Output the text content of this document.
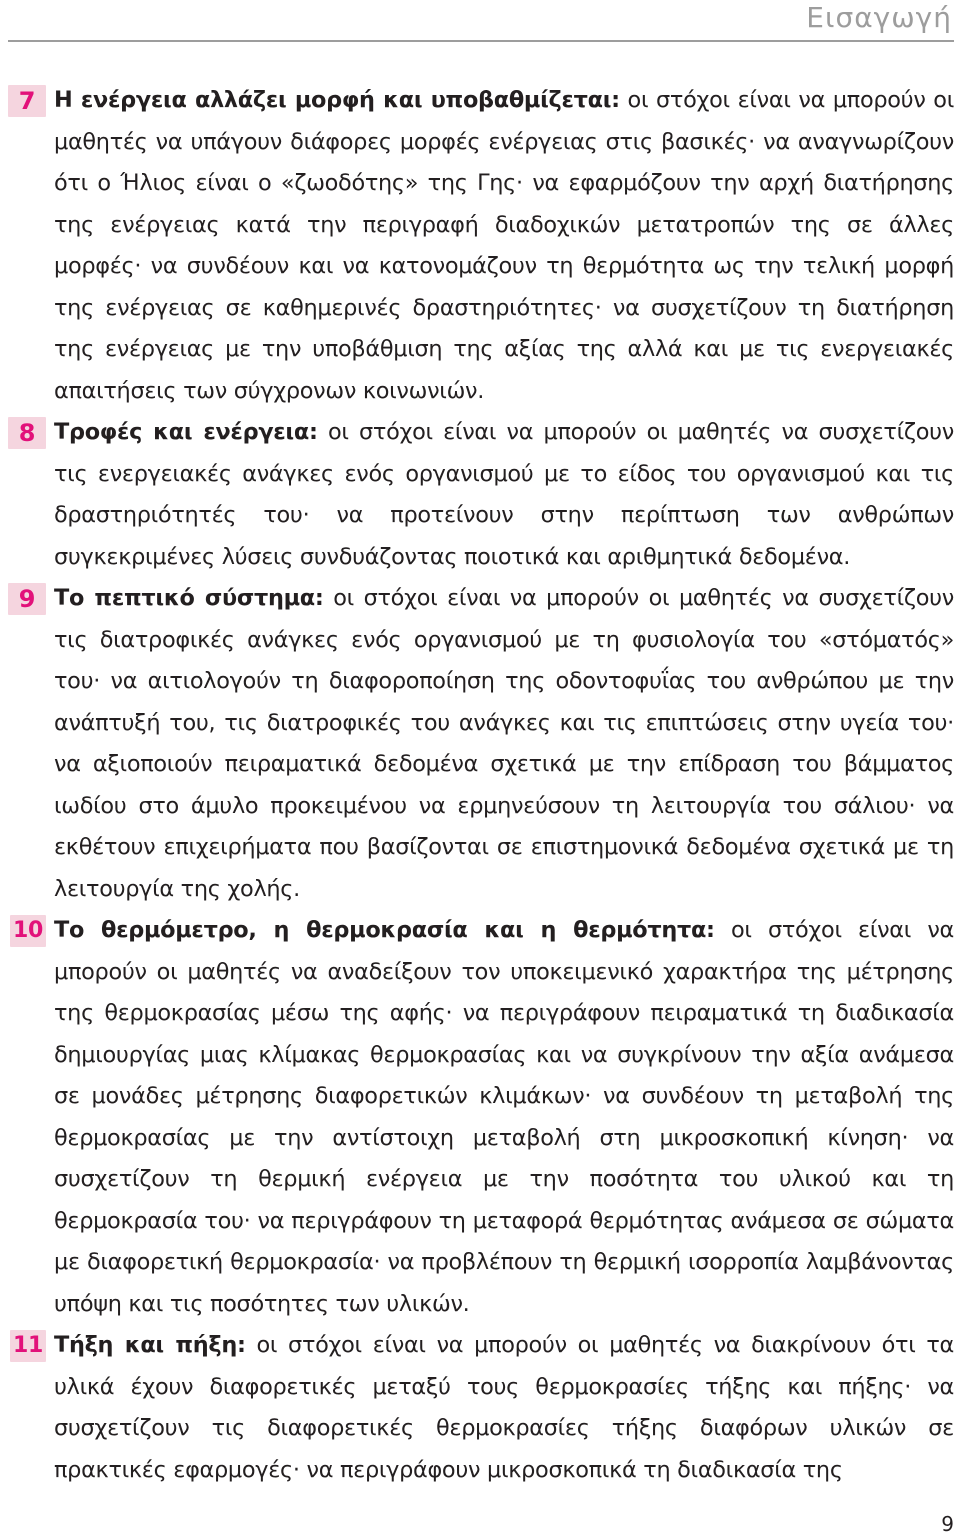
Εισαγωγή
7 Η ενέργεια αλλάζει μορφή και υποβαθμίζεται: οι στόχοι είναι να μπορούν οι μαθητές να υπάγουν διάφορες μορφές ενέργειας στις βασικές· να αναγνωρίζουν ότι ο Ήλιος είναι ο «ζωοδότης» της Γης· να εφαρμόζουν την αρχή διατήρησης της ενέργειας κατά την περιγραφή διαδοχικών μετατροπών της σε άλλες μορφές· να συνδέουν και να κατονομάζουν τη θερμότητα ως την τελική μορφή της ενέργειας σε καθημερινές δραστηριότητες· να συσχετίζουν τη διατήρηση της ενέργειας με την υποβάθμιση της αξίας της αλλά και με τις ενεργειακές απαιτήσεις των σύγχρονων κοινωνιών.
8 Τροφές και ενέργεια: οι στόχοι είναι να μπορούν οι μαθητές να συσχετίζουν τις ενεργειακές ανάγκες ενός οργανισμού με το είδος του οργανισμού και τις δραστηριότητές του· να προτείνουν στην περίπτωση των ανθρώπων συγκεκριμένες λύσεις συνδυάζοντας ποιοτικά και αριθμητικά δεδομένα.
9 Το πεπτικό σύστημα: οι στόχοι είναι να μπορούν οι μαθητές να συσχετίζουν τις διατροφικές ανάγκες ενός οργανισμού με τη φυσιολογία του «στόματός» του· να αιτιολογούν τη διαφοροποίηση της οδοντοφυΐας του ανθρώπου με την ανάπτυξή του, τις διατροφικές του ανάγκες και τις επιπτώσεις στην υγεία του· να αξιοποιούν πειραματικά δεδομένα σχετικά με την επίδραση του βάμματος ιωδίου στο άμυλο προκειμένου να ερμηνεύσουν τη λειτουργία του σάλιου· να εκθέτουν επιχειρήματα που βασίζονται σε επιστημονικά δεδομένα σχετικά με τη λειτουργία της χολής.
10 Το θερμόμετρο, η θερμοκρασία και η θερμότητα: οι στόχοι είναι να μπορούν οι μαθητές να αναδείξουν τον υποκειμενικό χαρακτήρα της μέτρησης της θερμοκρασίας μέσω της αφής· να περιγράφουν πειραματικά τη διαδικασία δημιουργίας μιας κλίμακας θερμοκρασίας και να συγκρίνουν την αξία ανάμεσα σε μονάδες μέτρησης διαφορετικών κλιμάκων· να συνδέουν τη μεταβολή της θερμοκρασίας με την αντίστοιχη μεταβολή στη μικροσκοπική κίνηση· να συσχετίζουν τη θερμική ενέργεια με την ποσότητα του υλικού και τη θερμοκρασία του· να περιγράφουν τη μεταφορά θερμότητας ανάμεσα σε σώματα με διαφορετική θερμοκρασία· να προβλέπουν τη θερμική ισορροπία λαμβάνοντας υπόψη και τις ποσότητες των υλικών.
11 Τήξη και πήξη: οι στόχοι είναι να μπορούν οι μαθητές να διακρίνουν ότι τα υλικά έχουν διαφορετικές μεταξύ τους θερμοκρασίες τήξης και πήξης· να συσχετίζουν τις διαφορετικές θερμοκρασίες τήξης διαφόρων υλικών σε πρακτικές εφαρμογές· να περιγράφουν μικροσκοπικά τη διαδικασία της
9
